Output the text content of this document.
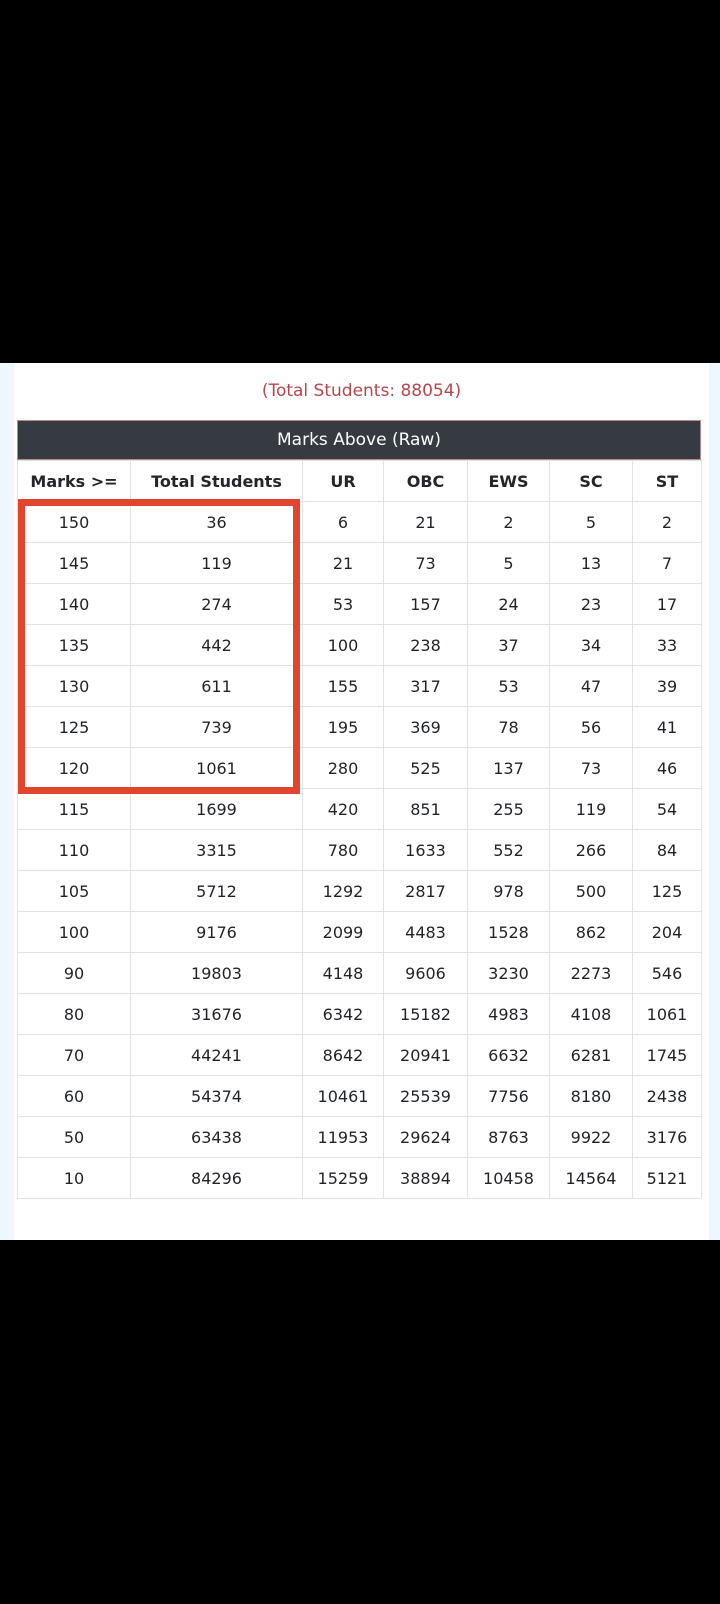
(Total Students: 88054)
Marks Above (Raw)
Marks >=	Total Students	UR	OBC	EWS	SC	ST
150	36	6	21	2	5	2
145	119	21	73	5	13	7
140	274	53	157	24	23	17
135	442	100	238	37	34	33
130	611	155	317	53	47	39
125	739	195	369	78	56	41
120	1061	280	525	137	73	46
115	1699	420	851	255	119	54
110	3315	780	1633	552	266	84
105	5712	1292	2817	978	500	125
100	9176	2099	4483	1528	862	204
90	19803	4148	9606	3230	2273	546
80	31676	6342	15182	4983	4108	1061
70	44241	8642	20941	6632	6281	1745
60	54374	10461	25539	7756	8180	2438
50	63438	11953	29624	8763	9922	3176
10	84296	15259	38894	10458	14564	5121
